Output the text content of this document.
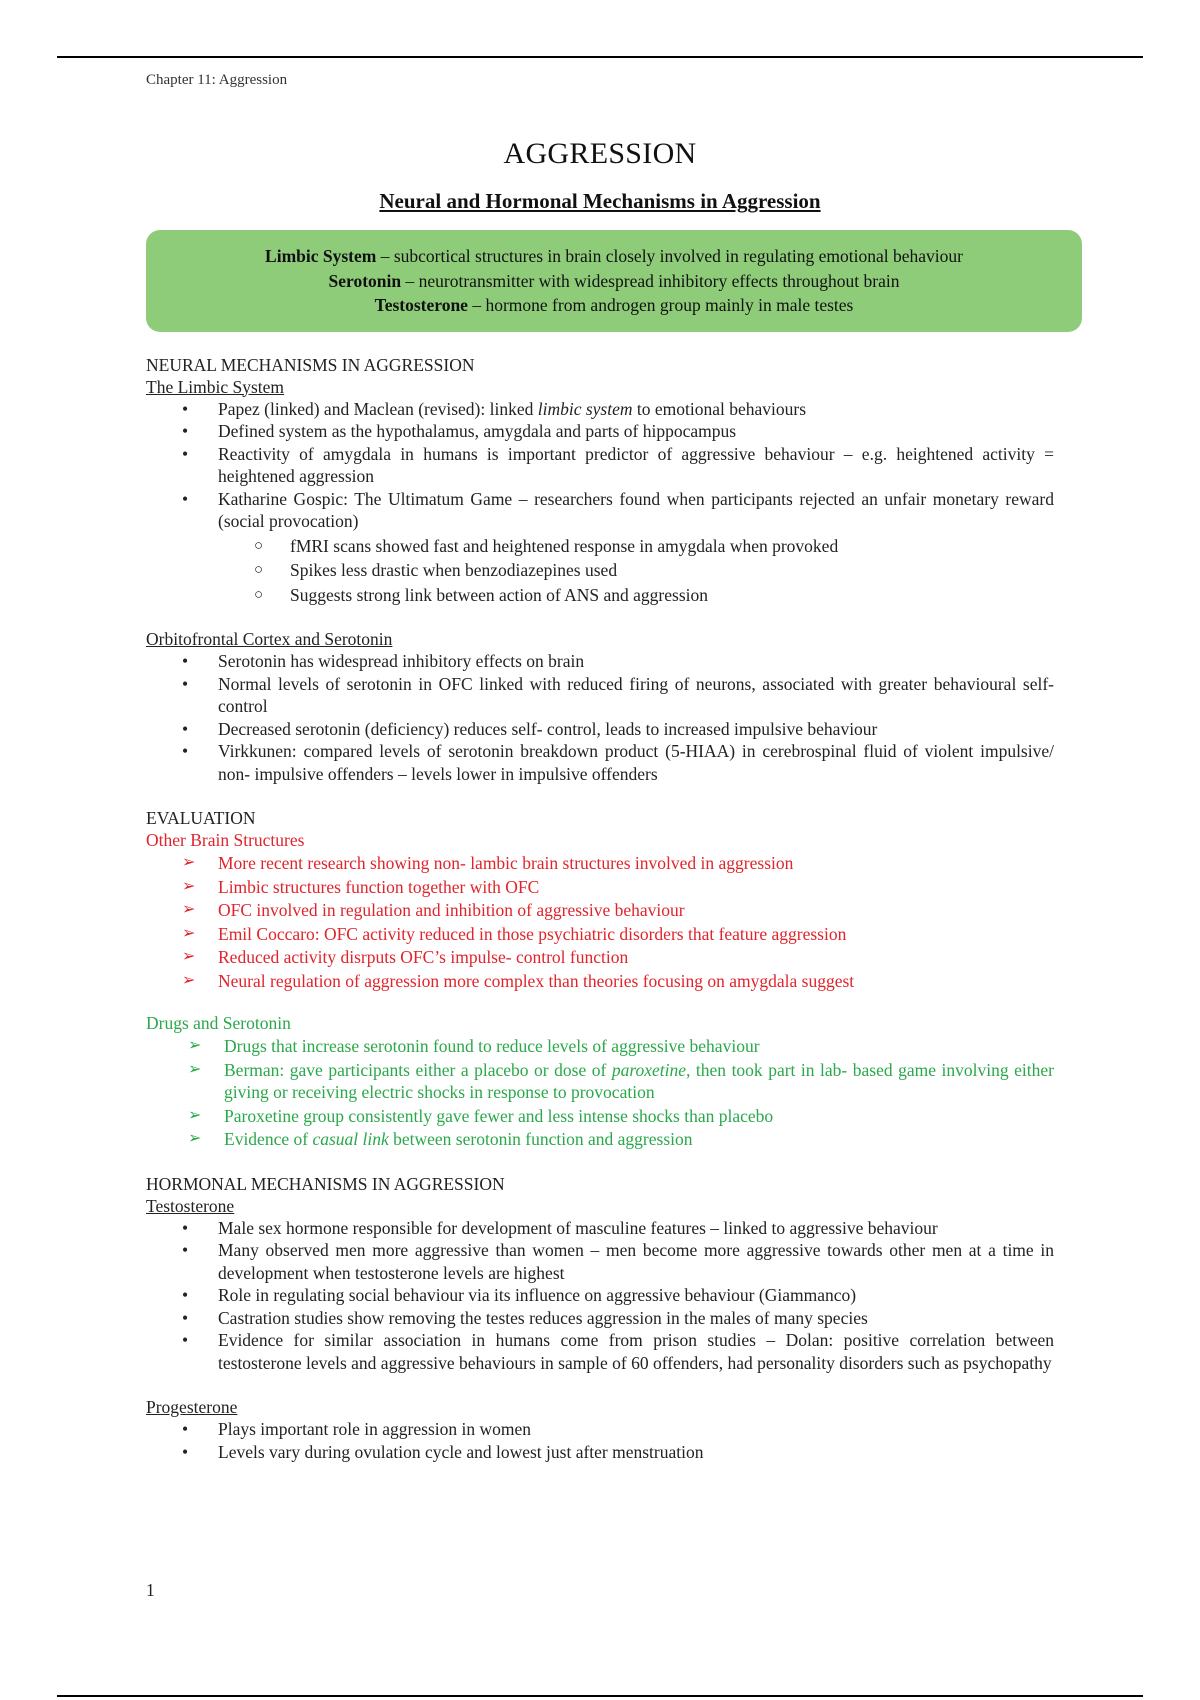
Chapter 11: Aggression
AGGRESSION
Neural and Hormonal Mechanisms in Aggression
Limbic System – subcortical structures in brain closely involved in regulating emotional behaviour
Serotonin – neurotransmitter with widespread inhibitory effects throughout brain
Testosterone – hormone from androgen group mainly in male testes
NEURAL MECHANISMS IN AGGRESSION
The Limbic System
• Papez (linked) and Maclean (revised): linked limbic system to emotional behaviours
• Defined system as the hypothalamus, amygdala and parts of hippocampus
• Reactivity of amygdala in humans is important predictor of aggressive behaviour – e.g. heightened activity = heightened aggression
• Katharine Gospic: The Ultimatum Game – researchers found when participants rejected an unfair monetary reward (social provocation)
○ fMRI scans showed fast and heightened response in amygdala when provoked
○ Spikes less drastic when benzodiazepines used
○ Suggests strong link between action of ANS and aggression
Orbitofrontal Cortex and Serotonin
• Serotonin has widespread inhibitory effects on brain
• Normal levels of serotonin in OFC linked with reduced firing of neurons, associated with greater behavioural self- control
• Decreased serotonin (deficiency) reduces self- control, leads to increased impulsive behaviour
• Virkkunen: compared levels of serotonin breakdown product (5-HIAA) in cerebrospinal fluid of violent impulsive/ non- impulsive offenders – levels lower in impulsive offenders
EVALUATION
Other Brain Structures
➢ More recent research showing non- lambic brain structures involved in aggression
➢ Limbic structures function together with OFC
➢ OFC involved in regulation and inhibition of aggressive behaviour
➢ Emil Coccaro: OFC activity reduced in those psychiatric disorders that feature aggression
➢ Reduced activity disrputs OFC’s impulse- control function
➢ Neural regulation of aggression more complex than theories focusing on amygdala suggest
Drugs and Serotonin
➢ Drugs that increase serotonin found to reduce levels of aggressive behaviour
➢ Berman: gave participants either a placebo or dose of paroxetine, then took part in lab- based game involving either giving or receiving electric shocks in response to provocation
➢ Paroxetine group consistently gave fewer and less intense shocks than placebo
➢ Evidence of casual link between serotonin function and aggression
HORMONAL MECHANISMS IN AGGRESSION
Testosterone
• Male sex hormone responsible for development of masculine features – linked to aggressive behaviour
• Many observed men more aggressive than women – men become more aggressive towards other men at a time in development when testosterone levels are highest
• Role in regulating social behaviour via its influence on aggressive behaviour (Giammanco)
• Castration studies show removing the testes reduces aggression in the males of many species
• Evidence for similar association in humans come from prison studies – Dolan: positive correlation between testosterone levels and aggressive behaviours in sample of 60 offenders, had personality disorders such as psychopathy
Progesterone
• Plays important role in aggression in women
• Levels vary during ovulation cycle and lowest just after menstruation
1
